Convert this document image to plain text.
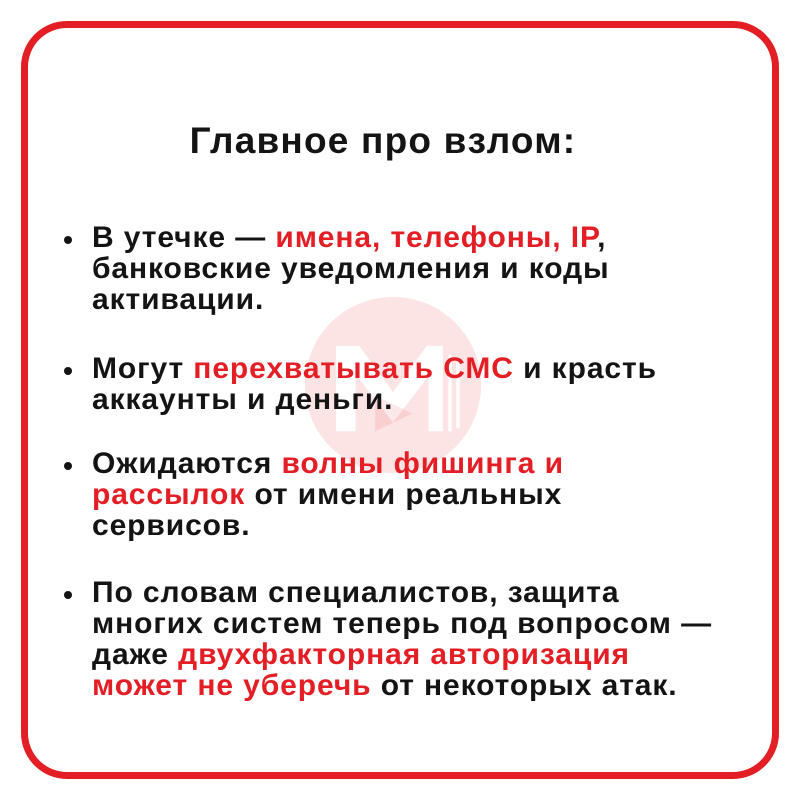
Главное про взлом:
В утечке — имена, телефоны, IP,
банковские уведомления и коды
активации.
Могут перехватывать СМС и красть
аккаунты и деньги.
Ожидаются волны фишинга и
рассылок от имени реальных
сервисов.
По словам специалистов, защита
многих систем теперь под вопросом —
даже двухфакторная авторизация
может не уберечь от некоторых атак.
